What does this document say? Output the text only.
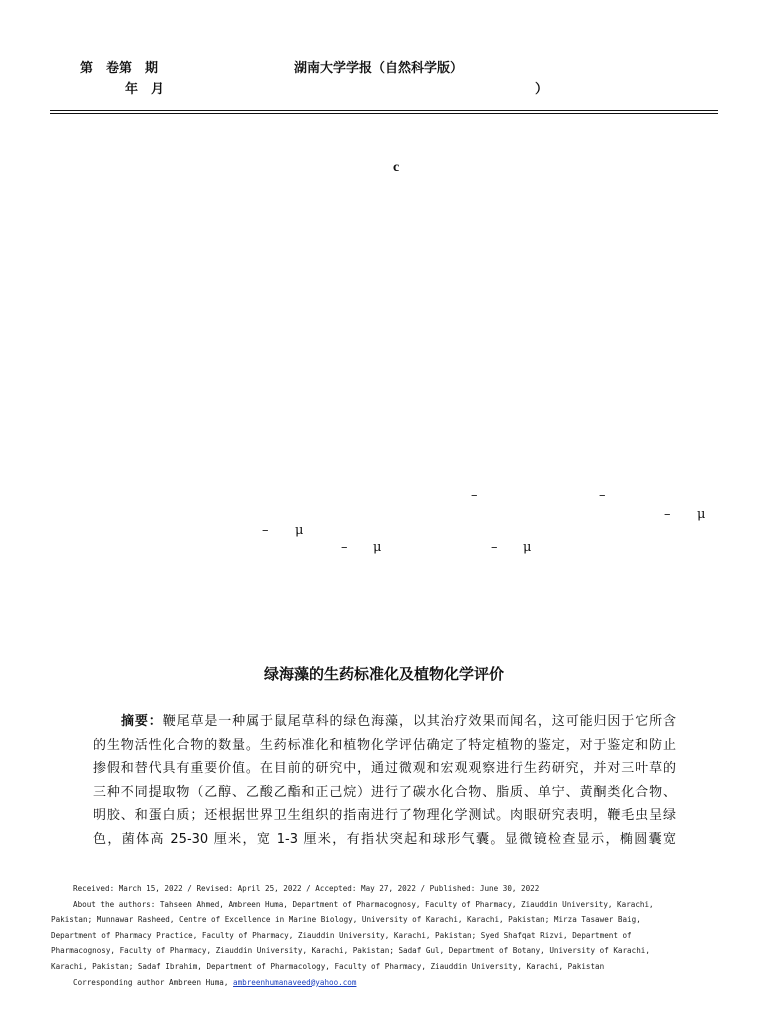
第　卷第　期	湖南大学学报（自然科学版）
年　月	）
c
–	–
– μ
– μ
– μ	– μ
绿海藻的生药标准化及植物化学评价

摘要：鞭尾草是一种属于鼠尾草科的绿色海藻，以其治疗效果而闻名，这可能归因于它所含

的生物活性化合物的数量。生药标准化和植物化学评估确定了特定植物的鉴定，对于鉴定和防止

掺假和替代具有重要价值。在目前的研究中，通过微观和宏观观察进行生药研究，并对三叶草的

三种不同提取物（乙醇、乙酸乙酯和正己烷）进行了碳水化合物、脂质、单宁、黄酮类化合物、

明胶、和蛋白质；还根据世界卫生组织的指南进行了物理化学测试。肉眼研究表明，鞭毛虫呈绿

色，菌体高 25-30 厘米，宽 1-3 厘米，有指状突起和球形气囊。显微镜检查显示，椭圆囊宽

Received: March 15, 2022 / Revised: April 25, 2022 / Accepted: May 27, 2022 / Published: June 30, 2022
About the authors: Tahseen Ahmed, Ambreen Huma, Department of Pharmacognosy, Faculty of Pharmacy, Ziauddin University, Karachi,
Pakistan; Munnawar Rasheed, Centre of Excellence in Marine Biology, University of Karachi, Karachi, Pakistan; Mirza Tasawer Baig,
Department of Pharmacy Practice, Faculty of Pharmacy, Ziauddin University, Karachi, Pakistan; Syed Shafqat Rizvi, Department of
Pharmacognosy, Faculty of Pharmacy, Ziauddin University, Karachi, Pakistan; Sadaf Gul, Department of Botany, University of Karachi,
Karachi, Pakistan; Sadaf Ibrahim, Department of Pharmacology, Faculty of Pharmacy, Ziauddin University, Karachi, Pakistan
Corresponding author Ambreen Huma, ambreenhumanaveed@yahoo.com
